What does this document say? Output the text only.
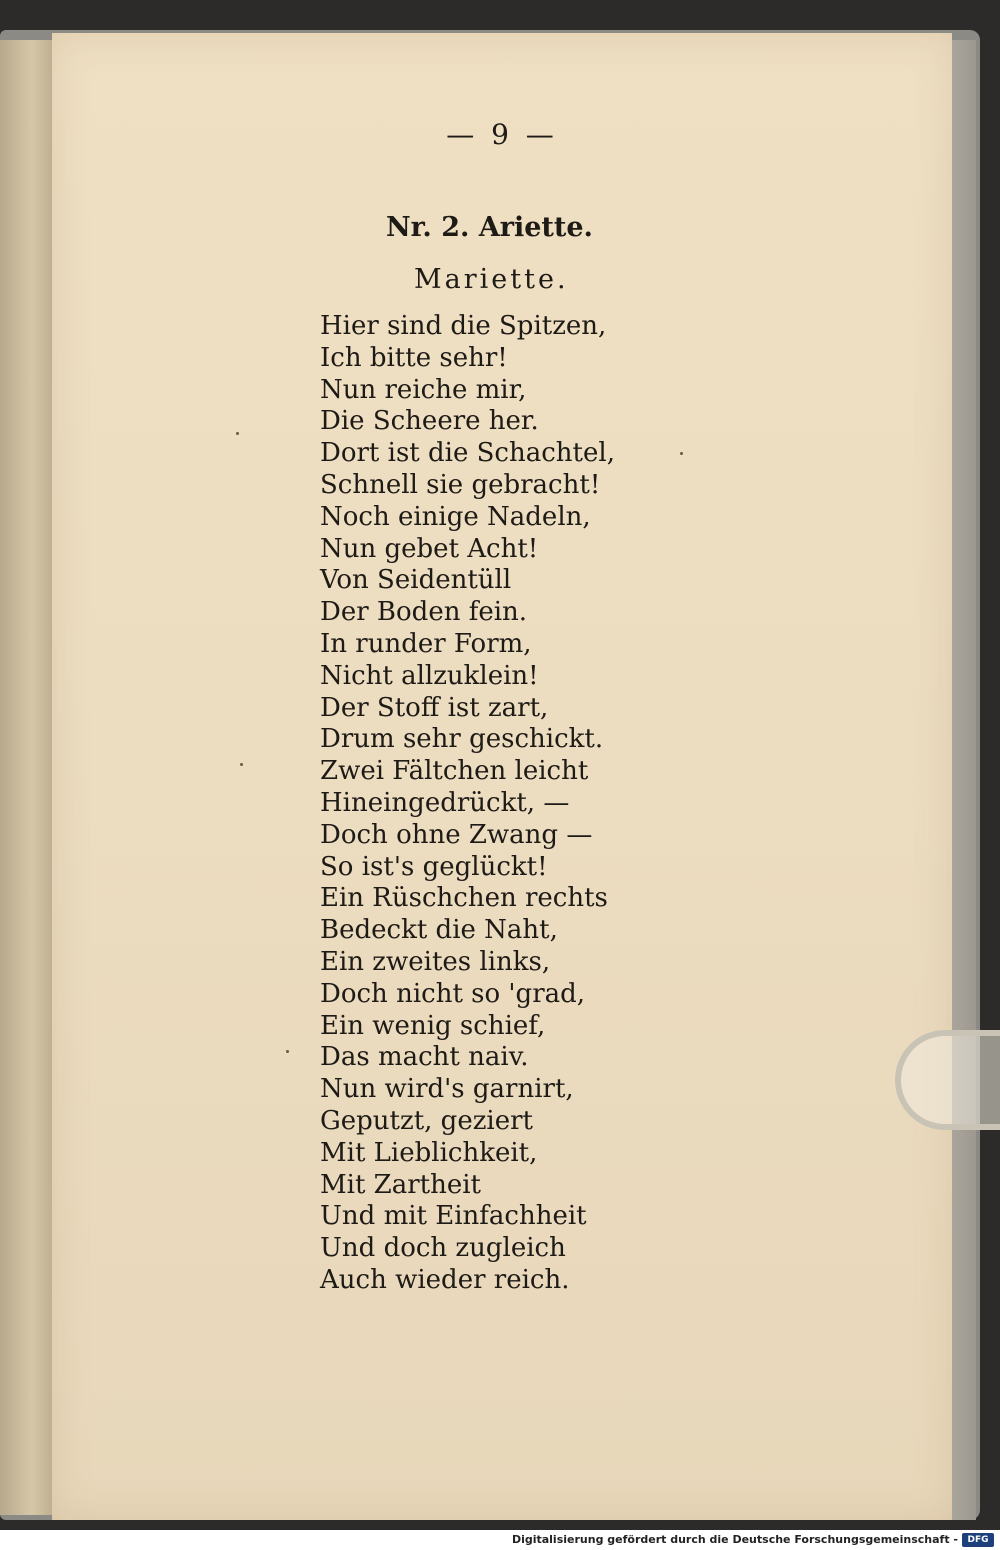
— 9 —
Nr. 2. Ariette.
Mariette.
Hier sind die Spitzen,
Ich bitte sehr!
Nun reiche mir,
Die Scheere her.
Dort ist die Schachtel,
Schnell sie gebracht!
Noch einige Nadeln,
Nun gebet Acht!
Von Seidentüll
Der Boden fein.
In runder Form,
Nicht allzuklein!
Der Stoff ist zart,
Drum sehr geschickt.
Zwei Fältchen leicht
Hineingedrückt, —
Doch ohne Zwang —
So ist's geglückt!
Ein Rüschchen rechts
Bedeckt die Naht,
Ein zweites links,
Doch nicht so 'grad,
Ein wenig schief,
Das macht naiv.
Nun wird's garnirt,
Geputzt, geziert
Mit Lieblichkeit,
Mit Zartheit
Und mit Einfachheit
Und doch zugleich
Auch wieder reich.
Digitalisierung gefördert durch die Deutsche Forschungsgemeinschaft -	DFG
